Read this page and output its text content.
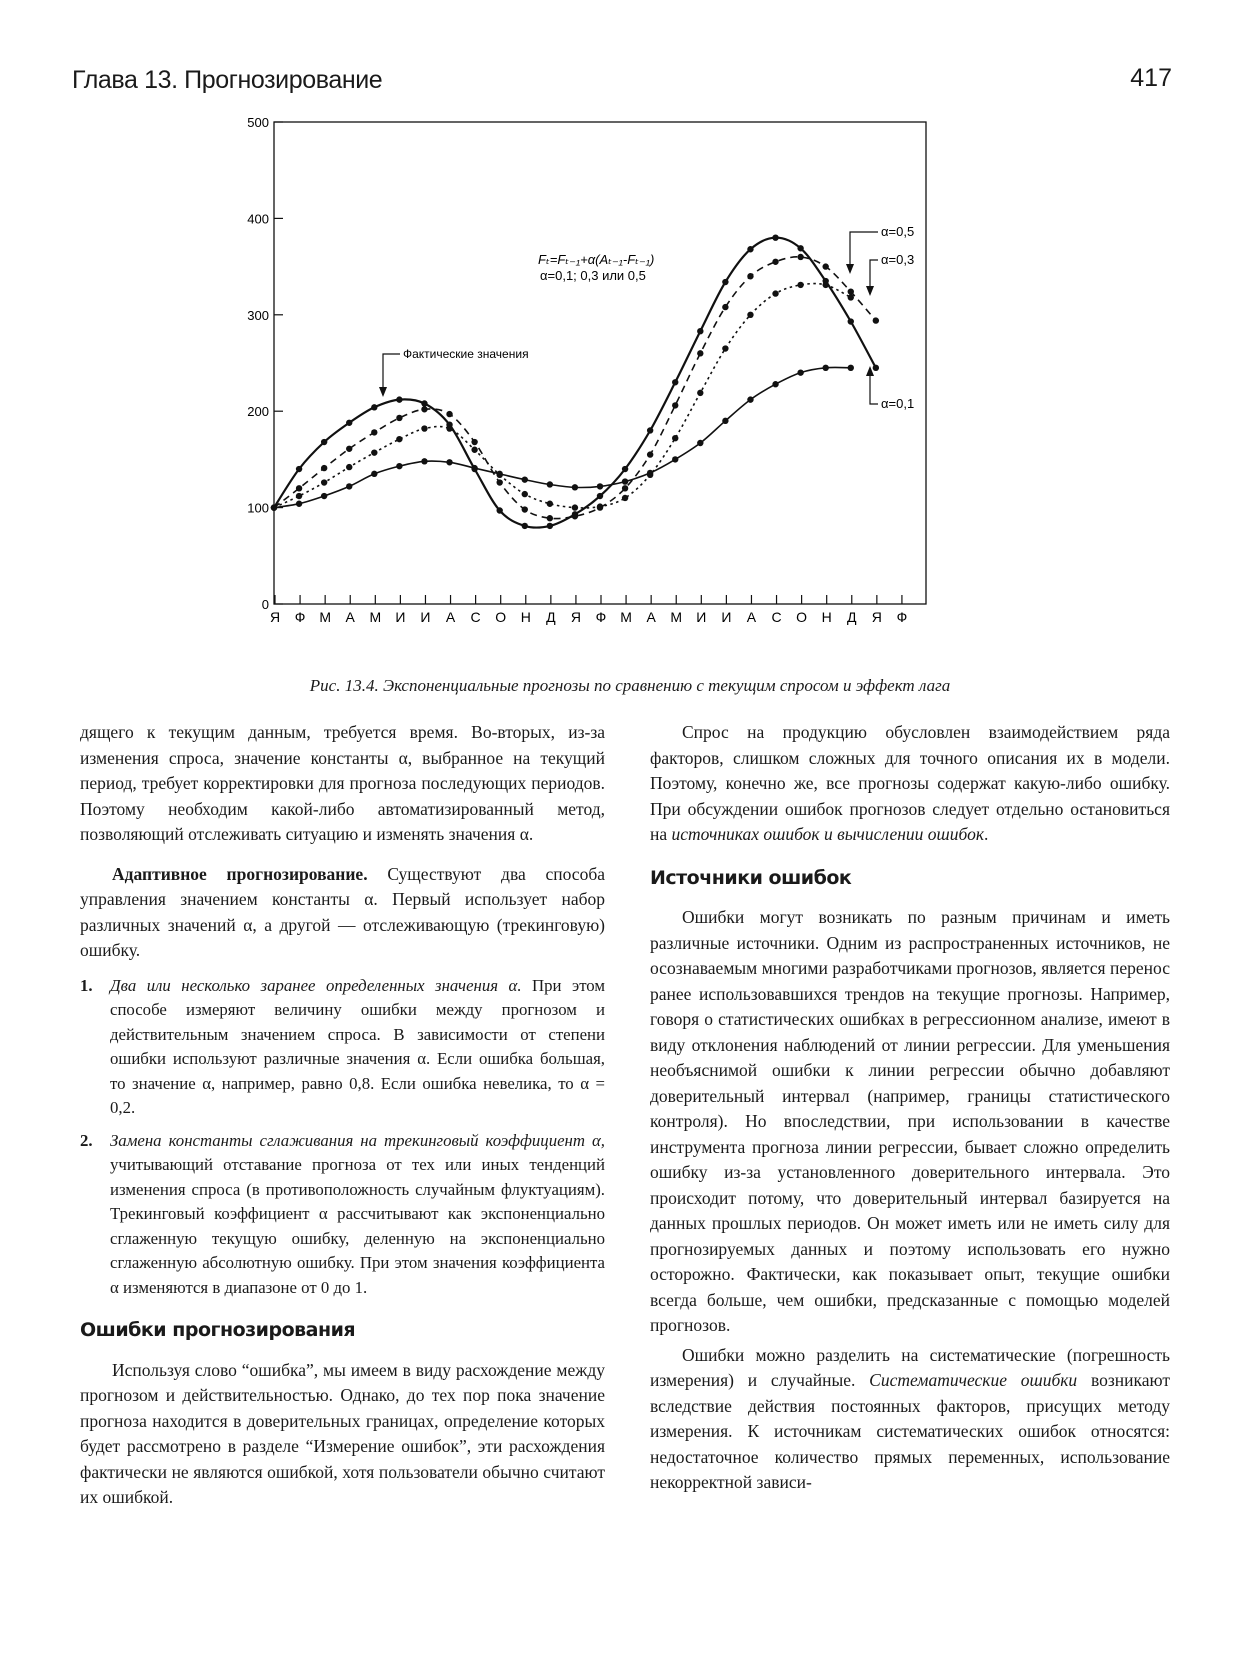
Глава 13. Прогнозирование	417
0
100
200
300
400
500
Я Ф М А М И И А С О Н Д Я Ф М А М И И А С О Н Д Я Ф
Fₜ=Fₜ₋₁+α(Aₜ₋₁-Fₜ₋₁)
α=0,1; 0,3 или 0,5
Фактические значения
α=0,5
α=0,3
α=0,1
Рис. 13.4. Экспоненциальные прогнозы по сравнению с текущим спросом и эффект лага

дящего к текущим данным, требуется время. Во-вторых, из-за изменения спроса, значение константы α, выбранное на текущий период, требует корректировки для прогноза последующих периодов. Поэтому необходим какой-либо автоматизированный метод, позволяющий отслеживать ситуацию и изменять значения α.

Адаптивное прогнозирование. Существуют два способа управления значением константы α. Первый использует набор различных значений α, а другой — отслеживающую (трекинговую) ошибку.

1. Два или несколько заранее определенных значения α. При этом способе измеряют величину ошибки между прогнозом и действительным значением спроса. В зависимости от степени ошибки используют различные значения α. Если ошибка большая, то значение α, например, равно 0,8. Если ошибка невелика, то α = 0,2.
2. Замена константы сглаживания на трекинговый коэффициент α, учитывающий отставание прогноза от тех или иных тенденций изменения спроса (в противоположность случайным флуктуациям). Трекинговый коэффициент α рассчитывают как экспоненциально сглаженную текущую ошибку, деленную на экспоненциально сглаженную абсолютную ошибку. При этом значения коэффициента α изменяются в диапазоне от 0 до 1.
Ошибки прогнозирования

Используя слово “ошибка”, мы имеем в виду расхождение между прогнозом и действительностью. Однако, до тех пор пока значение прогноза находится в доверительных границах, определение которых будет рассмотрено в разделе “Измерение ошибок”, эти расхождения фактически не являются ошибкой, хотя пользователи обычно считают их ошибкой.

Спрос на продукцию обусловлен взаимодействием ряда факторов, слишком сложных для точного описания их в модели. Поэтому, конечно же, все прогнозы содержат какую-либо ошибку. При обсуждении ошибок прогнозов следует отдельно остановиться на источниках ошибок и вычислении ошибок.

Источники ошибок

Ошибки могут возникать по разным причинам и иметь различные источники. Одним из распространенных источников, не осознаваемым многими разработчиками прогнозов, является перенос ранее использовавшихся трендов на текущие прогнозы. Например, говоря о статистических ошибках в регрессионном анализе, имеют в виду отклонения наблюдений от линии регрессии. Для уменьшения необъяснимой ошибки к линии регрессии обычно добавляют доверительный интервал (например, границы статистического контроля). Но впоследствии, при использовании в качестве инструмента прогноза линии регрессии, бывает сложно определить ошибку из-за установленного доверительного интервала. Это происходит потому, что доверительный интервал базируется на данных прошлых периодов. Он может иметь или не иметь силу для прогнозируемых данных и поэтому использовать его нужно осторожно. Фактически, как показывает опыт, текущие ошибки всегда больше, чем ошибки, предсказанные с помощью моделей прогнозов.

Ошибки можно разделить на систематические (погрешность измерения) и случайные. Систематические ошибки возникают вследствие действия постоянных факторов, присущих методу измерения. К источникам систематических ошибок относятся: недостаточное количество прямых переменных, использование некорректной зависи-
